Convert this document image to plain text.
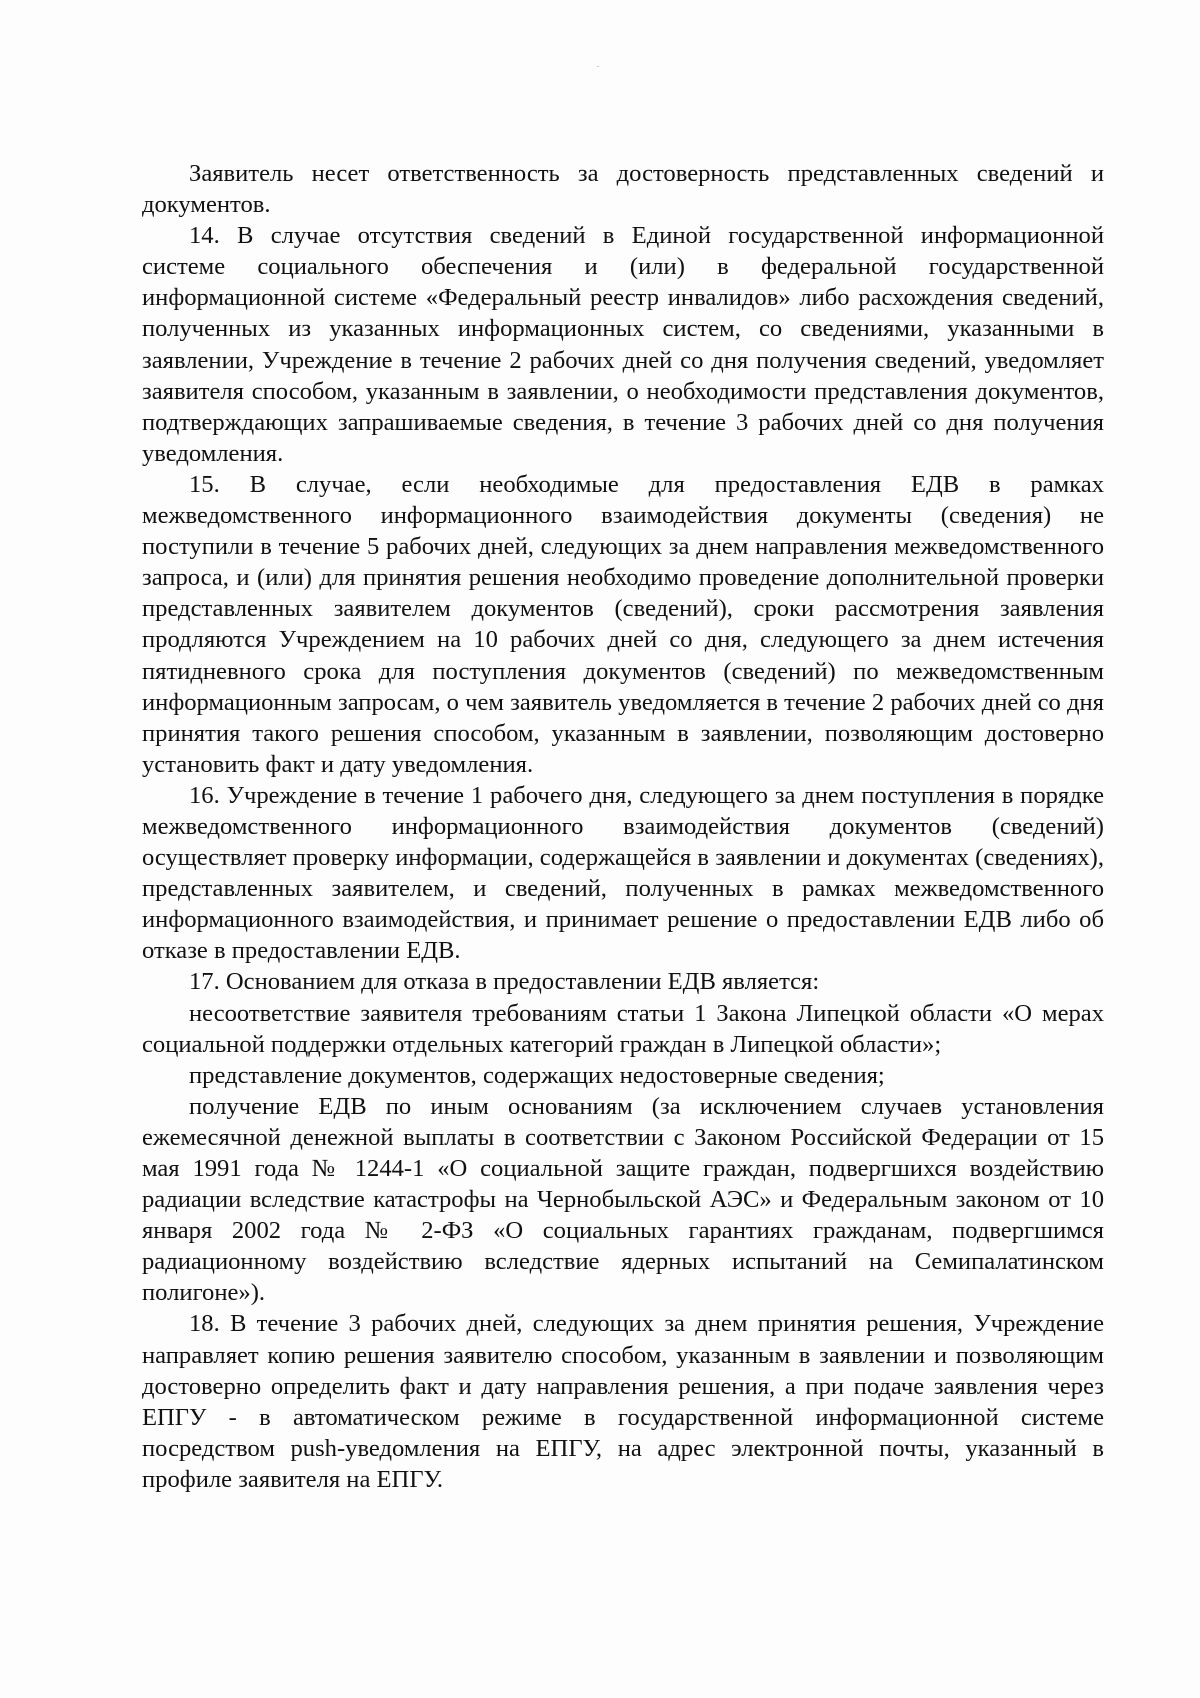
Заявитель несет ответственность за достоверность представленных сведений и документов.

14. В случае отсутствия сведений в Единой государственной информационной системе социального обеспечения и (или) в федеральной государственной информационной системе «Федеральный реестр инвалидов» либо расхождения сведений, полученных из указанных информационных систем, со сведениями, указанными в заявлении, Учреждение в течение 2 рабочих дней со дня получения сведений, уведомляет заявителя способом, указанным в заявлении, о необходимости представления документов, подтверждающих запрашиваемые сведения, в течение 3 рабочих дней со дня получения уведомления.

15. В случае, если необходимые для предоставления ЕДВ в рамках межведомственного информационного взаимодействия документы (сведения) не поступили в течение 5 рабочих дней, следующих за днем направления межведомственного запроса, и (или) для принятия решения необходимо проведение дополнительной проверки представленных заявителем документов (сведений), сроки рассмотрения заявления продляются Учреждением на 10 рабочих дней со дня, следующего за днем истечения пятидневного срока для поступления документов (сведений) по межведомственным информационным запросам, о чем заявитель уведомляется в течение 2 рабочих дней со дня принятия такого решения способом, указанным в заявлении, позволяющим достоверно установить факт и дату уведомления.

16. Учреждение в течение 1 рабочего дня, следующего за днем поступления в порядке межведомственного информационного взаимодействия документов (сведений) осуществляет проверку информации, содержащейся в заявлении и документах (сведениях), представленных заявителем, и сведений, полученных в рамках межведомственного информационного взаимодействия, и принимает решение о предоставлении ЕДВ либо об отказе в предоставлении ЕДВ.

17. Основанием для отказа в предоставлении ЕДВ является:

несоответствие заявителя требованиям статьи 1 Закона Липецкой области «О мерах социальной поддержки отдельных категорий граждан в Липецкой области»;

представление документов, содержащих недостоверные сведения;

получение ЕДВ по иным основаниям (за исключением случаев установления ежемесячной денежной выплаты в соответствии с Законом Российской Федерации от 15 мая 1991 года № 1244-1 «О социальной защите граждан, подвергшихся воздействию радиации вследствие катастрофы на Чернобыльской АЭС» и Федеральным законом от 10 января 2002 года № 2-ФЗ «О социальных гарантиях гражданам, подвергшимся радиационному воздействию вследствие ядерных испытаний на Семипалатинском полигоне»).

18. В течение 3 рабочих дней, следующих за днем принятия решения, Учреждение направляет копию решения заявителю способом, указанным в заявлении и позволяющим достоверно определить факт и дату направления решения, а при подаче заявления через ЕПГУ - в автоматическом режиме в государственной информационной системе посредством push-уведомления на ЕПГУ, на адрес электронной почты, указанный в профиле заявителя на ЕПГУ.
